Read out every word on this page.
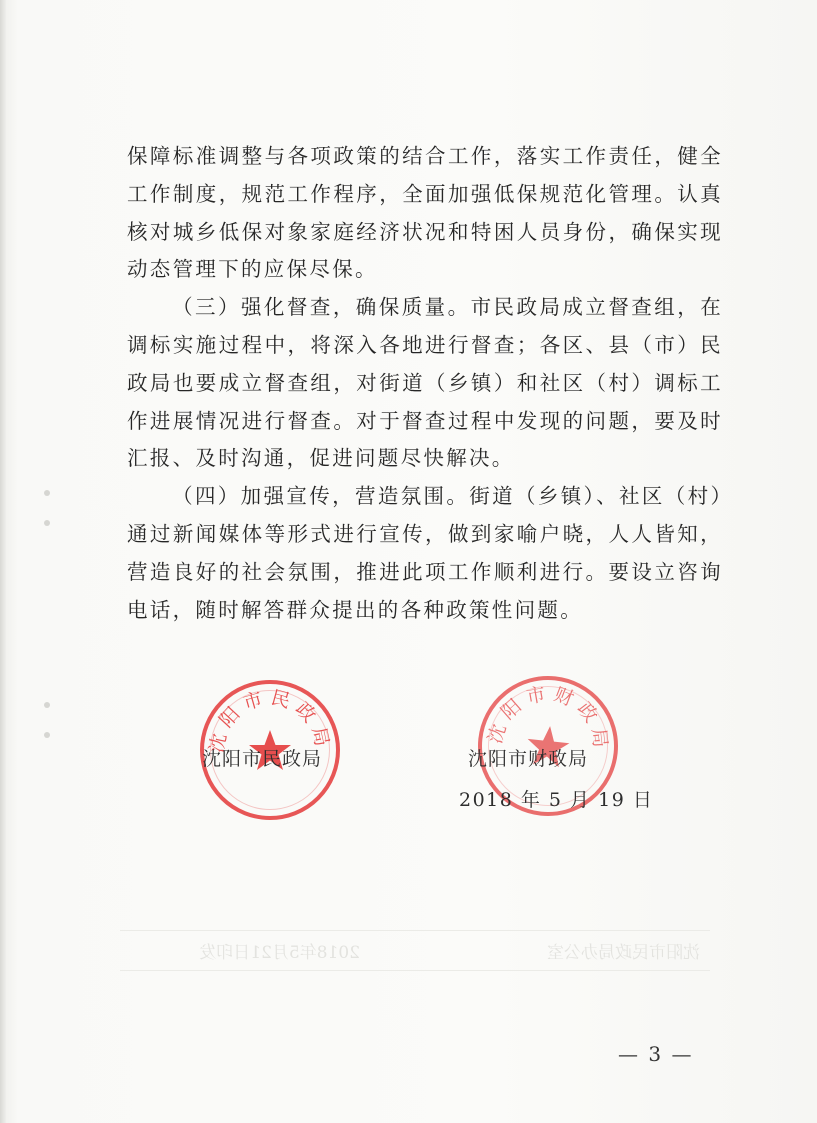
保障标准调整与各项政策的结合工作，落实工作责任，健全工作制度，规范工作程序，全面加强低保规范化管理。认真核对城乡低保对象家庭经济状况和特困人员身份，确保实现动态管理下的应保尽保。

（三）强化督查，确保质量。市民政局成立督查组，在调标实施过程中，将深入各地进行督查；各区、县（市）民政局也要成立督查组，对街道（乡镇）和社区（村）调标工作进展情况进行督查。对于督查过程中发现的问题，要及时汇报、及时沟通，促进问题尽快解决。

（四）加强宣传，营造氛围。街道（乡镇）、社区（村）通过新闻媒体等形式进行宣传，做到家喻户晓，人人皆知，营造良好的社会氛围，推进此项工作顺利进行。要设立咨询电话，随时解答群众提出的各种政策性问题。

沈阳市民政局办公室
2018年5月21日印发
沈阳市民政局	沈阳市财政局
沈阳市民政局	沈阳市财政局
2018 年 5 月 19 日
— 3 —
